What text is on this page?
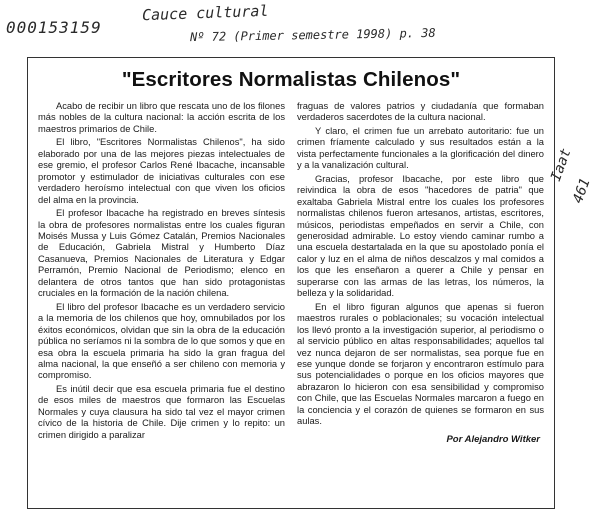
000153159
Cauce cultural
Nº 72 (Primer semestre 1998) p. 38
Iaat
461
"Escritores Normalistas Chilenos"

Acabo de recibir un libro que rescata uno de los filones más nobles de la cultura nacional: la acción escrita de los maestros primarios de Chile.

El libro, "Escritores Normalistas Chilenos", ha sido elaborado por una de las mejores piezas intelectuales de ese gremio, el profesor Carlos René Ibacache, incansable promotor y estimulador de iniciativas culturales con ese verdadero heroísmo intelectual con que viven los oficios del alma en la provincia.

El profesor Ibacache ha registrado en breves síntesis la obra de profesores normalistas entre los cuales figuran Moisés Mussa y Luis Gómez Catalán, Premios Nacionales de Educación, Gabriela Mistral y Humberto Díaz Casanueva, Premios Nacionales de Literatura y Edgar Perramón, Premio Nacional de Periodismo; elenco en delantera de otros tantos que han sido protagonistas cruciales en la formación de la nación chilena.

El libro del profesor Ibacache es un verdadero servicio a la memoria de los chilenos que hoy, omnubilados por los éxitos económicos, olvidan que sin la obra de la educación pública no seríamos ni la sombra de lo que somos y que en esa obra la escuela primaria ha sido la gran fragua del alma nacional, la que enseñó a ser chileno con memoria y compromiso.

Es inútil decir que esa escuela primaria fue el destino de esos miles de maestros que formaron las Escuelas Normales y cuya clausura ha sido tal vez el mayor crimen cívico de la historia de Chile. Dije crimen y lo repito: un crimen dirigido a paralizar

fraguas de valores patrios y ciudadanía que formaban verdaderos sacerdotes de la cultura nacional.

Y claro, el crimen fue un arrebato autoritario: fue un crimen fríamente calculado y sus resultados están a la vista perfectamente funcionales a la glorificación del dinero y a la vanalización cultural.

Gracias, profesor Ibacache, por este libro que reivindica la obra de esos "hacedores de patria" que exaltaba Gabriela Mistral entre los cuales los profesores normalistas chilenos fueron artesanos, artistas, escritores, músicos, periodistas empeñados en servir a Chile, con generosidad admirable. Lo estoy viendo caminar rumbo a una escuela destartalada en la que su apostolado ponía el calor y luz en el alma de niños descalzos y mal comidos a los que les enseñaron a querer a Chile y pensar en superarse con las armas de las letras, los números, la belleza y la solidaridad.

En el libro figuran algunos que apenas si fueron maestros rurales o poblacionales; su vocación intelectual los llevó pronto a la investigación superior, al periodismo o al servicio público en altas responsabilidades; aquellos tal vez nunca dejaron de ser normalistas, sea porque fue en ese yunque donde se forjaron y encontraron estímulo para sus potencialidades o porque en los oficios mayores que abrazaron lo hicieron con esa sensibilidad y compromiso con Chile, que las Escuelas Normales marcaron a fuego en la conciencia y el corazón de quienes se formaron en sus aulas.

Por Alejandro Witker
